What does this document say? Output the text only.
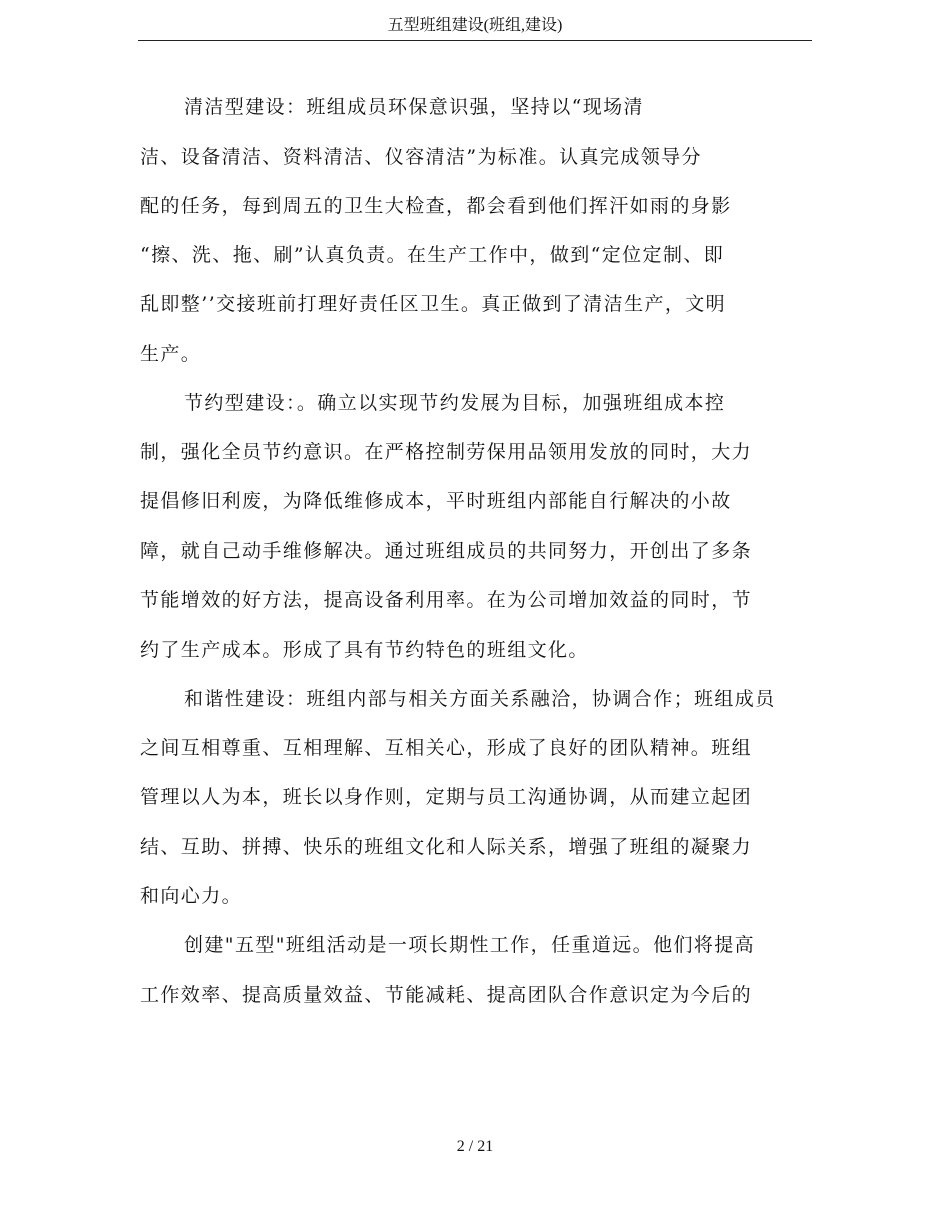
五型班组建设(班组,建设)
清洁型建设：班组成员环保意识强，坚持以“现场清
洁、设备清洁、资料清洁、仪容清洁”为标准。认真完成领导分
配的任务，每到周五的卫生大检查，都会看到他们挥汗如雨的身影
“擦、洗、拖、刷”认真负责。在生产工作中，做到“定位定制、即
乱即整’’交接班前打理好责任区卫生。真正做到了清洁生产，文明
生产。
节约型建设：。确立以实现节约发展为目标，加强班组成本控
制，强化全员节约意识。在严格控制劳保用品领用发放的同时，大力
提倡修旧利废，为降低维修成本，平时班组内部能自行解决的小故
障，就自己动手维修解决。通过班组成员的共同努力，开创出了多条
节能增效的好方法，提高设备利用率。在为公司增加效益的同时，节
约了生产成本。形成了具有节约特色的班组文化。
和谐性建设：班组内部与相关方面关系融洽，协调合作；班组成员
之间互相尊重、互相理解、互相关心，形成了良好的团队精神。班组
管理以人为本，班长以身作则，定期与员工沟通协调，从而建立起团
结、互助、拼搏、快乐的班组文化和人际关系，增强了班组的凝聚力
和向心力。
创建"五型"班组活动是一项长期性工作，任重道远。他们将提高
工作效率、提高质量效益、节能减耗、提高团队合作意识定为今后的
2 / 21
